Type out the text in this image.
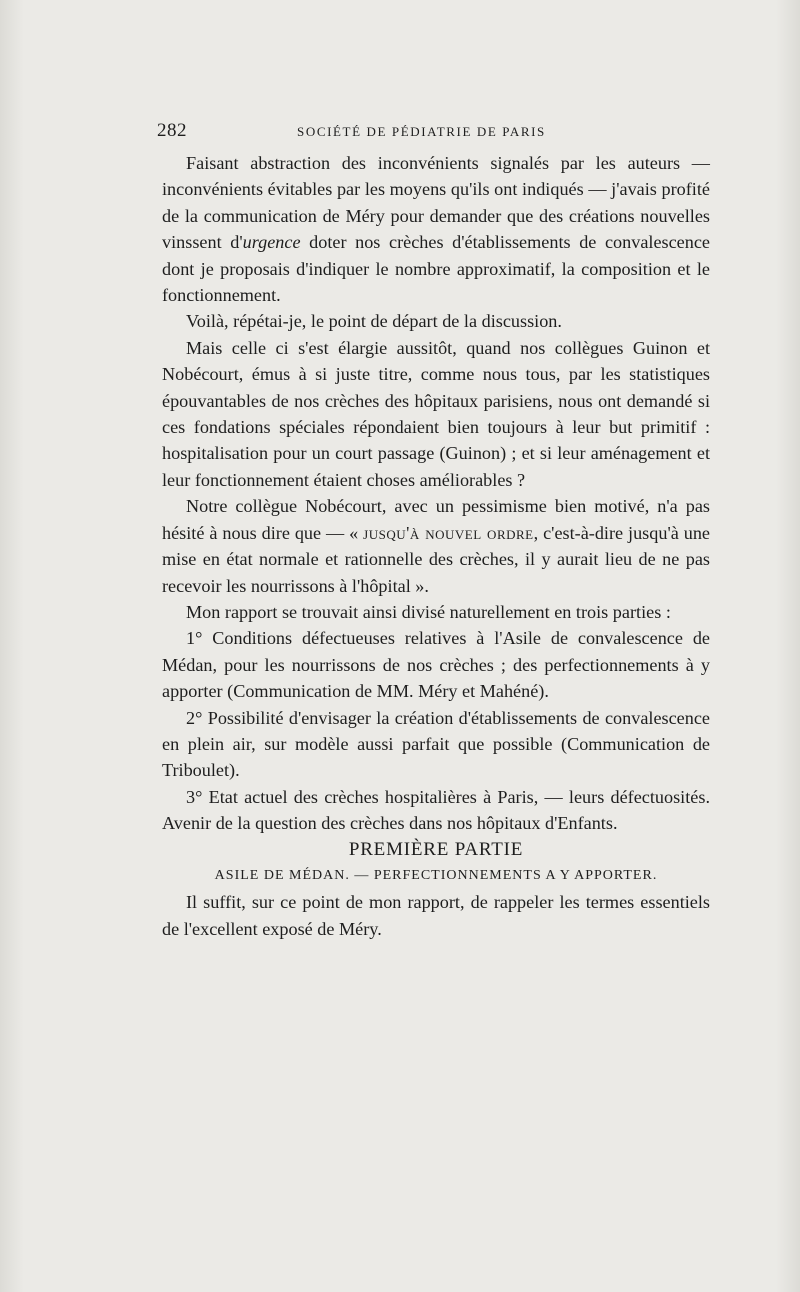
282	SOCIÉTÉ DE PÉDIATRIE DE PARIS

Faisant abstraction des inconvénients signalés par les auteurs — inconvénients évitables par les moyens qu'ils ont indiqués — j'avais profité de la communication de Méry pour demander que des créations nouvelles vinssent d'urgence doter nos crèches d'établissements de convalescence dont je proposais d'indiquer le nombre approximatif, la composition et le fonctionnement.

Voilà, répétai-je, le point de départ de la discussion.

Mais celle ci s'est élargie aussitôt, quand nos collègues Guinon et Nobécourt, émus à si juste titre, comme nous tous, par les statistiques épouvantables de nos crèches des hôpitaux parisiens, nous ont demandé si ces fondations spéciales répondaient bien toujours à leur but primitif : hospitalisation pour un court passage (Guinon) ; et si leur aménagement et leur fonctionnement étaient choses améliorables ?

Notre collègue Nobécourt, avec un pessimisme bien motivé, n'a pas hésité à nous dire que — « jusqu'à nouvel ordre, c'est-à-dire jusqu'à une mise en état normale et rationnelle des crèches, il y aurait lieu de ne pas recevoir les nourrissons à l'hôpital ».

Mon rapport se trouvait ainsi divisé naturellement en trois parties :

1° Conditions défectueuses relatives à l'Asile de convalescence de Médan, pour les nourrissons de nos crèches ; des perfectionnements à y apporter (Communication de MM. Méry et Mahéné).

2° Possibilité d'envisager la création d'établissements de convalescence en plein air, sur modèle aussi parfait que possible (Communication de Triboulet).

3° Etat actuel des crèches hospitalières à Paris, — leurs défectuosités. Avenir de la question des crèches dans nos hôpitaux d'Enfants.

PREMIÈRE PARTIE

ASILE DE MÉDAN. — PERFECTIONNEMENTS A Y APPORTER.

Il suffit, sur ce point de mon rapport, de rappeler les termes essentiels de l'excellent exposé de Méry.
